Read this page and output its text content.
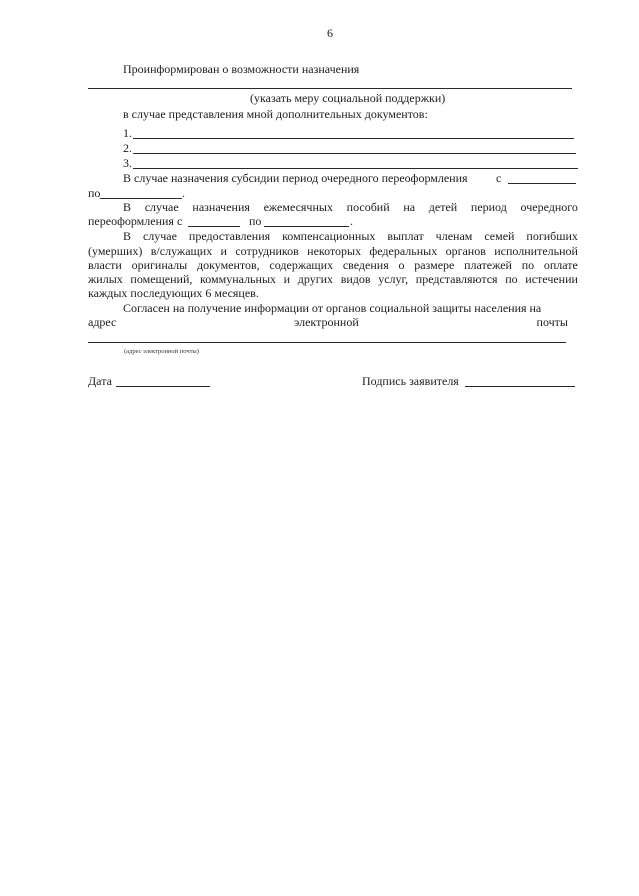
6
Проинформирован о возможности назначения
(указать меру социальной поддержки)
в случае представления мной дополнительных документов:
1.
2.
3.
В случае назначения субсидии период очередного переоформления с
по	.
В случае назначения ежемесячных пособий на детей период очередного
переоформления с	по	.
В случае предоставления компенсационных выплат членам семей погибших
(умерших) в/служащих и сотрудников некоторых федеральных органов исполнительной
власти оригиналы документов, содержащих сведения о размере платежей по оплате
жилых помещений, коммунальных и других видов услуг, представляются по истечении
каждых последующих 6 месяцев.
Согласен на получение информации от органов социальной защиты населения на
адрес	электронной	почты
(адрес электронной почты)
Дата	Подпись заявителя
